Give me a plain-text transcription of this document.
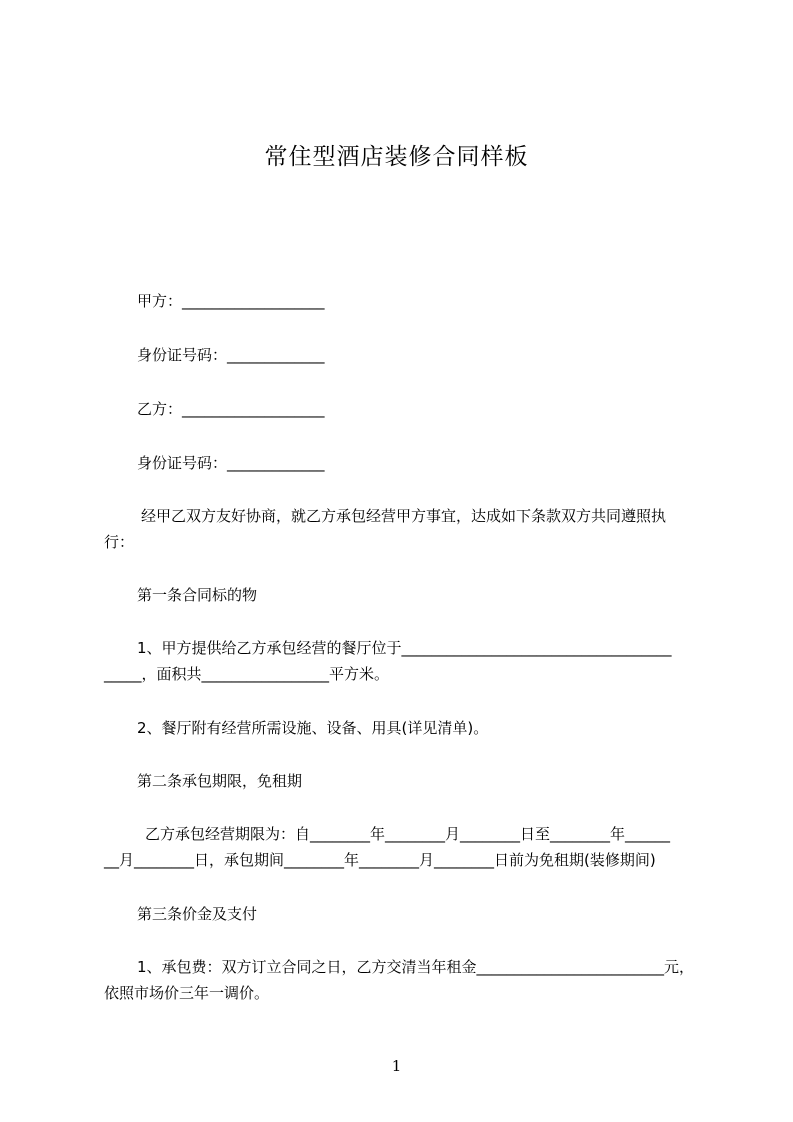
常住型酒店装修合同样板
甲方：___________________
身份证号码：_____________
乙方：___________________
身份证号码：_____________
经甲乙双方友好协商，就乙方承包经营甲方事宜，达成如下条款双方共同遵照执
行：
第一条合同标的物
1、甲方提供给乙方承包经营的餐厅位于____________________________________
_____，面积共_________________平方米。
2、餐厅附有经营所需设施、设备、用具(详见清单)。
第二条承包期限，免租期
乙方承包经营期限为：自________年________月________日至________年______
__月________日，承包期间________年________月________日前为免租期(装修期间)
第三条价金及支付
1、承包费：双方订立合同之日，乙方交清当年租金_________________________元，
依照市场价三年一调价。
1
